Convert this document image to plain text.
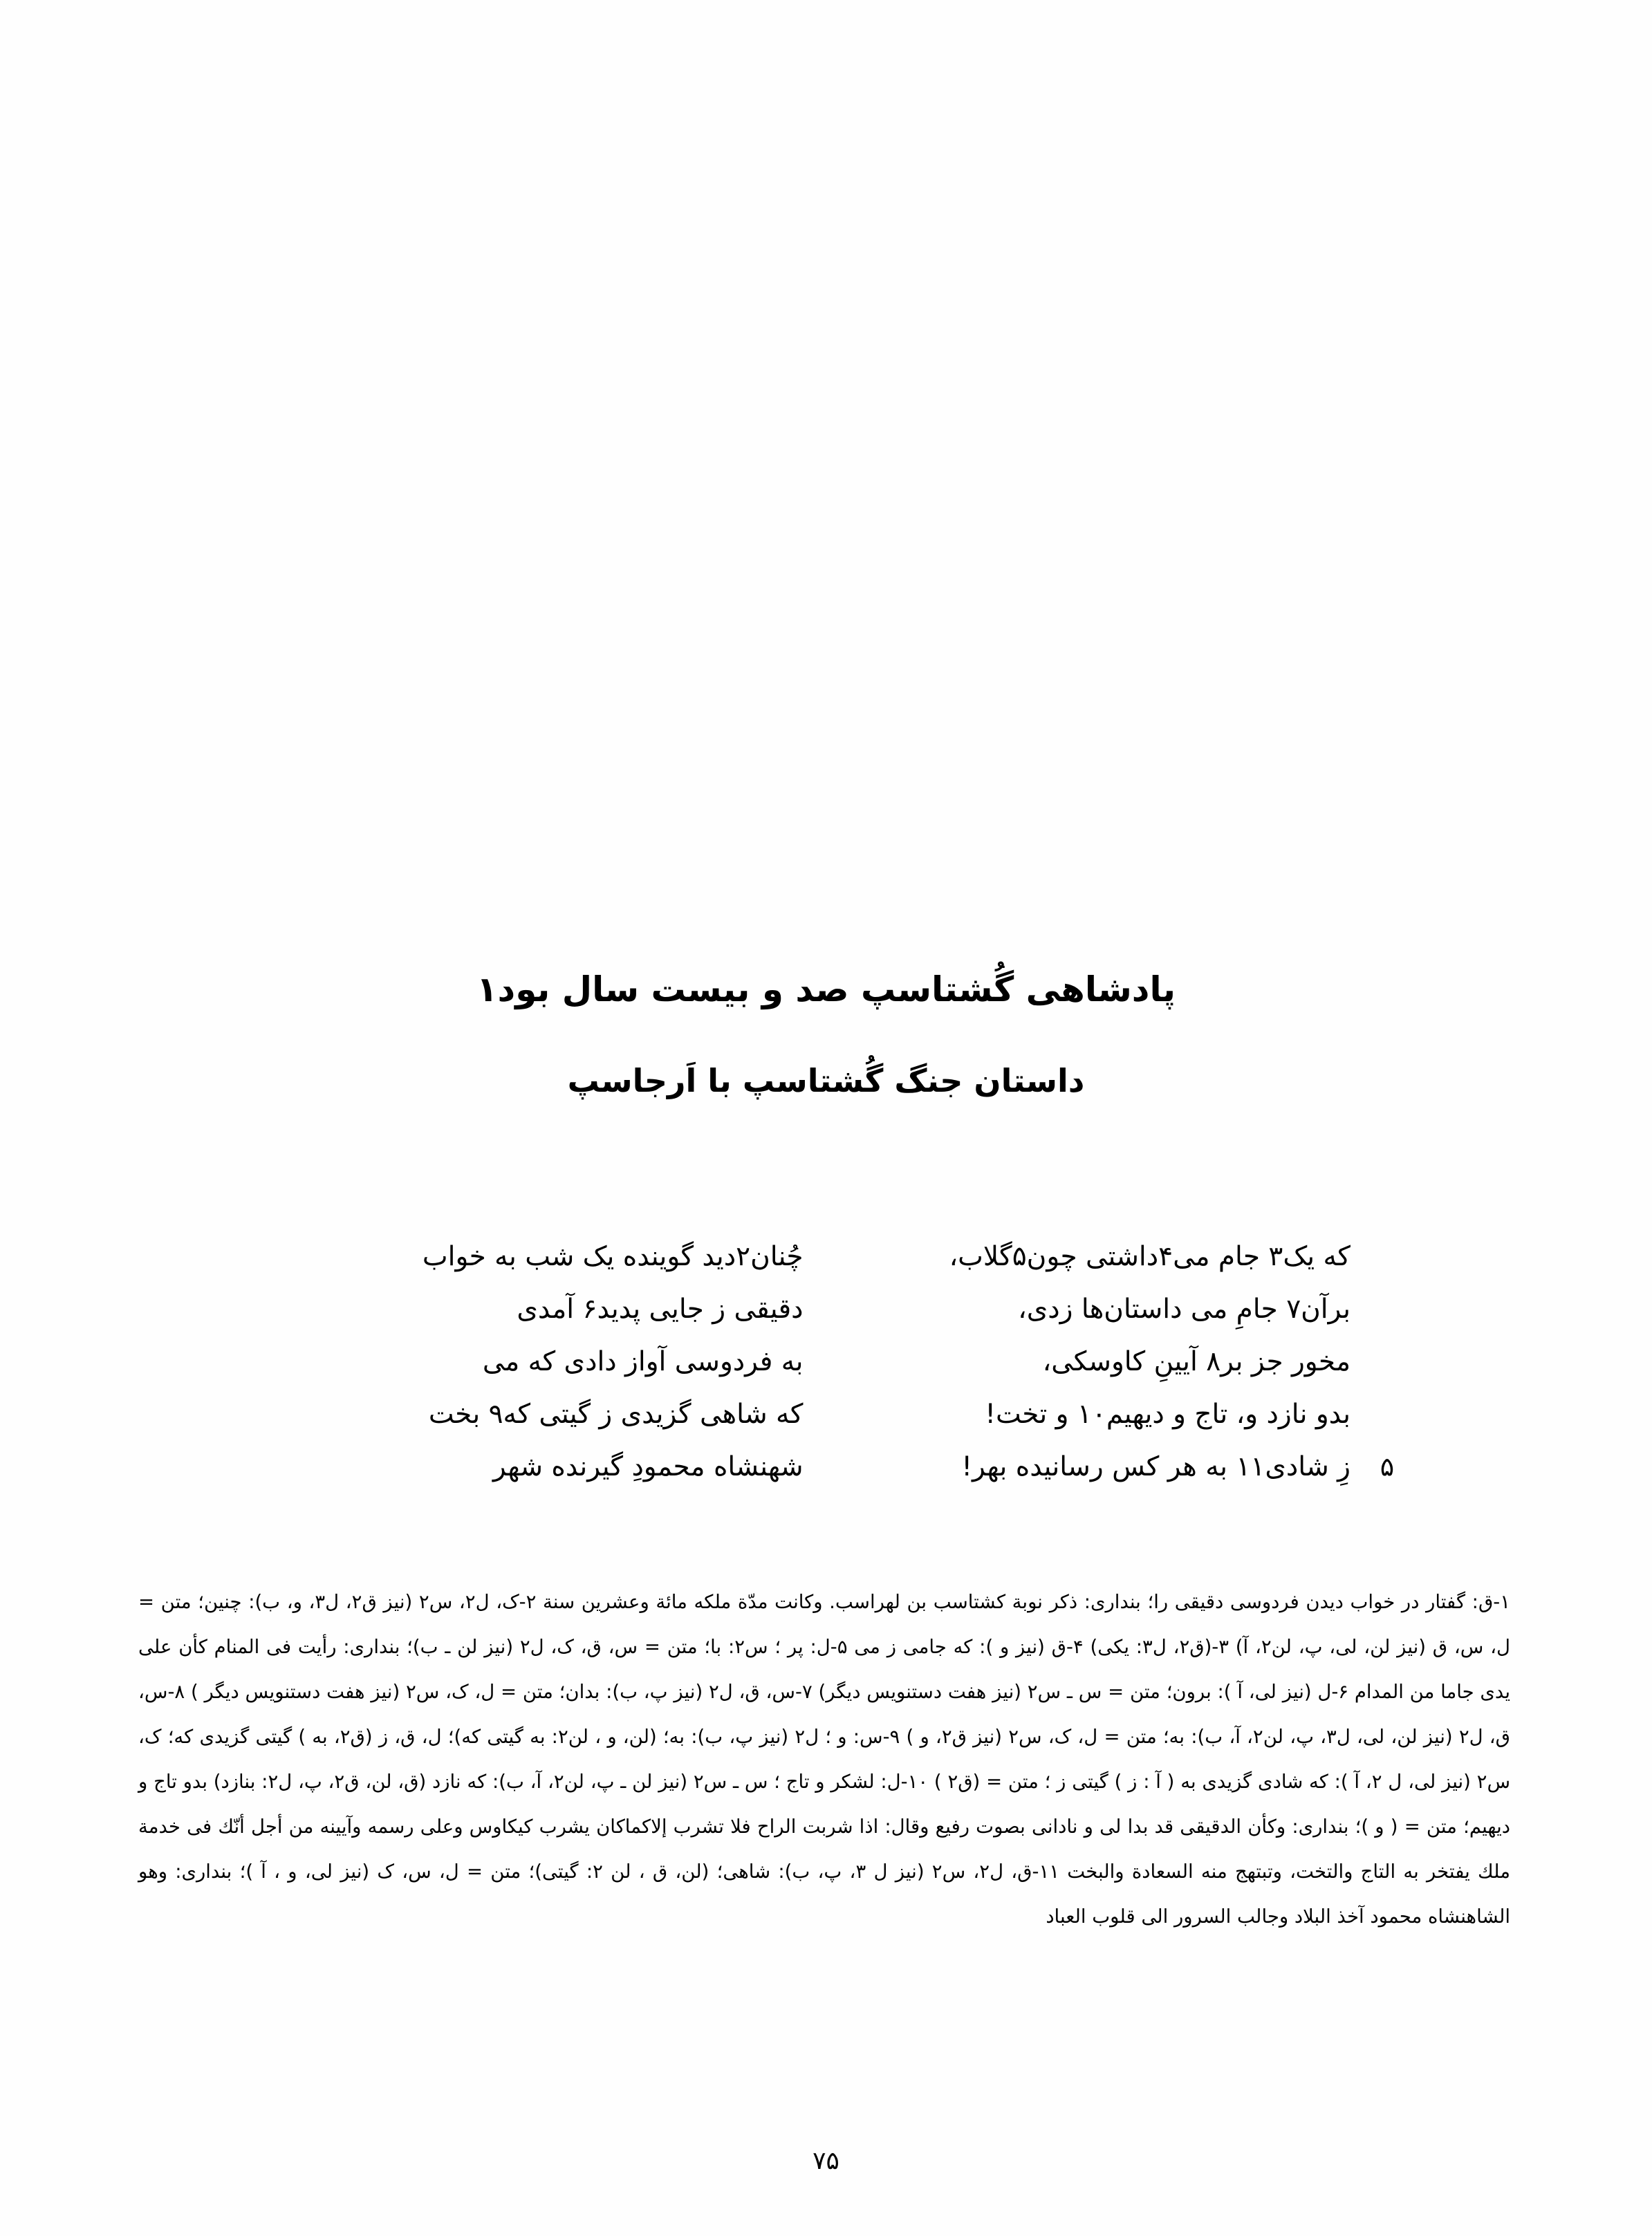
پادشاهی گُشتاسپ صد و بیست سال بود۱
داستان جنگ گُشتاسپ با اَرجاسپ
که یک۳ جام می۴داشتی چون۵گلاب،
چُنان۲دید گوینده یک شب به خواب
برآن۷ جامِ می داستان‌ها زدی،
دقیقی ز جایی پدید۶ آمدی
مخور جز بر۸ آیینِ کاوسکی،
به فردوسی آواز دادی که می
بدو نازد و، تاج و دیهیم۱۰ و تخت!
که شاهی گزیدی ز گیتی که۹ بخت
۵
زِ شادی۱۱ به هر کس رسانیده بهر!
شهنشاه محمودِ گیرنده شهر

۱-ق: گفتار در خواب دیدن فردوسی دقیقی را؛ بنداری: ذکر نوبة كشتاسب بن لهراسب. وكانت مدّة ملكه مائة وعشرین سنة ۲-ک، ل۲، س۲ (نیز ق۲، ل۳، و، ب): چنین؛ متن = ل، س، ق (نیز لن، لی، پ، لن۲، آ) ۳-(ق۲، ل۳: یکی) ۴-ق (نیز و ): که جامی ز می ۵-ل: پر ؛ س۲: با؛ متن = س، ق، ک، ل۲ (نیز لن ـ ب)؛ بنداری: رأیت فی المنام كأن علی یدی جاما من المدام ۶-ل (نیز لی، آ ): برون؛ متن = س ـ س۲ (نیز هفت دستنویس دیگر) ۷-س، ق، ل۲ (نیز پ، ب): بدان؛ متن = ل، ک، س۲ (نیز هفت دستنویس دیگر ) ۸-س، ق، ل۲ (نیز لن، لی، ل۳، پ، لن۲، آ، ب): به؛ متن = ل، ک، س۲ (نیز ق۲، و ) ۹-س: و ؛ ل۲ (نیز پ، ب): به؛ (لن، و ، لن۲: به گیتی که)؛ ل، ق، ز (ق۲، به ) گیتی گزیدی که؛ ک، س۲ (نیز لی، ل ۲، آ ): که شادی گزیدی به ( آ : ز ) گیتی ز ؛ متن = (ق۲ ) ۱۰-ل: لشکر و تاج ؛ س ـ س۲ (نیز لن ـ پ، لن۲، آ، ب): که نازد (ق، لن، ق۲، پ، ل۲: بنازد) بدو تاج و دیهیم؛ متن = ( و )؛ بنداری: وكأن الدقیقی قد بدا لی و نادانی بصوت رفیع وقال: اذا شربت الراح فلا تشرب إلاكماكان یشرب كیكاوس وعلی رسمه وآیینه من أجل أنّك فی خدمة ملك یفتخر به التاج والتخت، وتبتهج منه السعادة والبخت ۱۱-ق، ل۲، س۲ (نیز ل ۳، پ، ب): شاهی؛ (لن، ق ، لن ۲: گیتی)؛ متن = ل، س، ک (نیز لی، و ، آ )؛ بنداری: وهو الشاهنشاه محمود آخذ البلاد وجالب السرور الی قلوب العباد

۷۵
